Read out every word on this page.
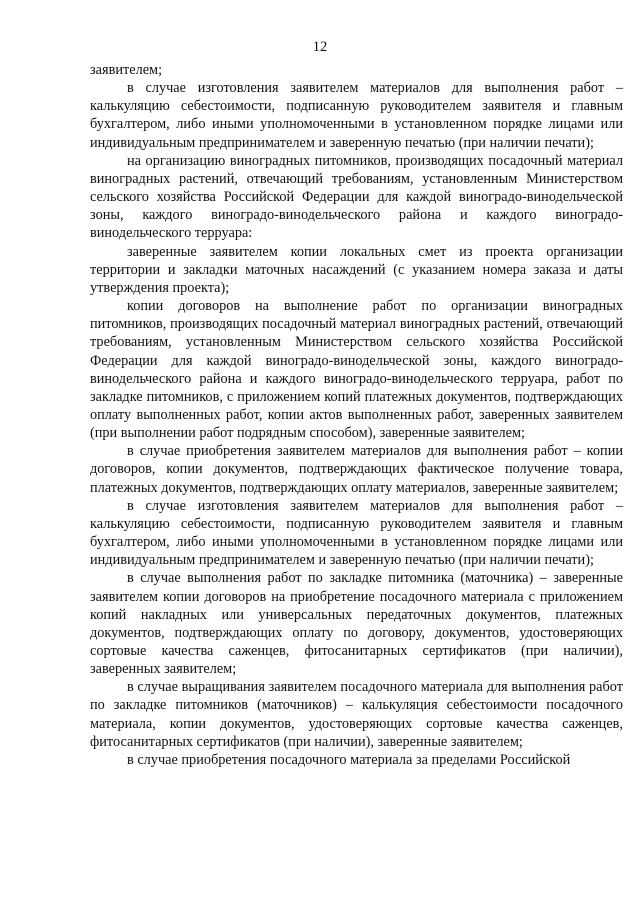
12

заявителем;

в случае изготовления заявителем материалов для выполнения работ – калькуляцию себестоимости, подписанную руководителем заявителя и главным бухгалтером, либо иными уполномоченными в установленном порядке лицами или индивидуальным предпринимателем и заверенную печатью (при наличии печати);

на организацию виноградных питомников, производящих посадочный материал виноградных растений, отвечающий требованиям, установленным Министерством сельского хозяйства Российской Федерации для каждой виноградо-винодельческой зоны, каждого виноградо-винодельческого района и каждого виноградо-винодельческого терруара:

заверенные заявителем копии локальных смет из проекта организации территории и закладки маточных насаждений (с указанием номера заказа и даты утверждения проекта);

копии договоров на выполнение работ по организации виноградных питомников, производящих посадочный материал виноградных растений, отвечающий требованиям, установленным Министерством сельского хозяйства Российской Федерации для каждой виноградо-винодельческой зоны, каждого виноградо-винодельческого района и каждого виноградо-винодельческого терруара, работ по закладке питомников, с приложением копий платежных документов, подтверждающих оплату выполненных работ, копии актов выполненных работ, заверенных заявителем (при выполнении работ подрядным способом), заверенные заявителем;

в случае приобретения заявителем материалов для выполнения работ – копии договоров, копии документов, подтверждающих фактическое получение товара, платежных документов, подтверждающих оплату материалов, заверенные заявителем;

в случае изготовления заявителем материалов для выполнения работ – калькуляцию себестоимости, подписанную руководителем заявителя и главным бухгалтером, либо иными уполномоченными в установленном порядке лицами или индивидуальным предпринимателем и заверенную печатью (при наличии печати);

в случае выполнения работ по закладке питомника (маточника) – заверенные заявителем копии договоров на приобретение посадочного материала с приложением копий накладных или универсальных передаточных документов, платежных документов, подтверждающих оплату по договору, документов, удостоверяющих сортовые качества саженцев, фитосанитарных сертификатов (при наличии), заверенных заявителем;

в случае выращивания заявителем посадочного материала для выполнения работ по закладке питомников (маточников) – калькуляция себестоимости посадочного материала, копии документов, удостоверяющих сортовые качества саженцев, фитосанитарных сертификатов (при наличии), заверенные заявителем;

в случае приобретения посадочного материала за пределами Российской
